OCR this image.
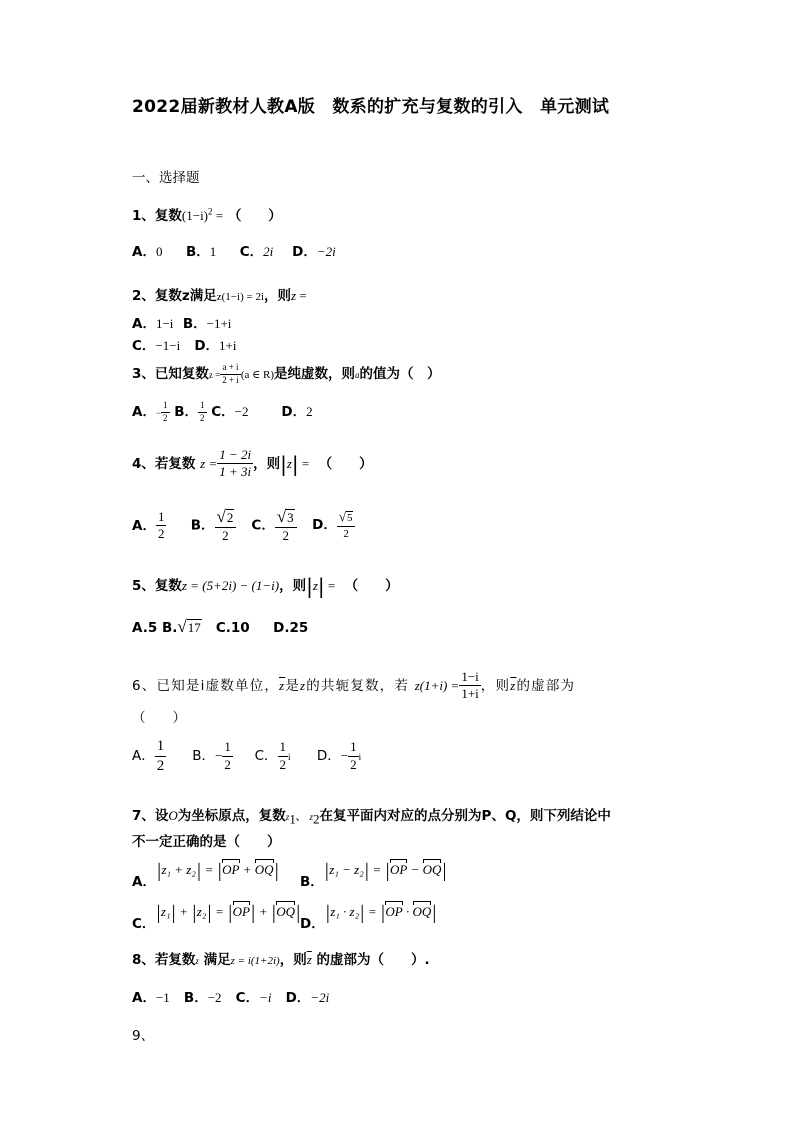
2022届新教材人教A版　数系的扩充与复数的引入　单元测试
一、选择题
1、复数$(1-i)^2$ = （　　）
A．0 B．1 C．2i D．−2i
2、复数z满足z(1−i) = 2i，则z =
A．1−i B．−1+i
C．−1−i D．1+i
3、已知复数$z = \frac{a + i}{2 + i} (a$ ∈ R)是纯虚数，则a的值为（　）
A．− $\frac{1}{2}$ B． $\frac{1}{2}$ C．−2 D．2
4、若复数 $z = \frac{1 - 2i}{1 + 3i}$ ，则|z| = （　　）
A． $\frac{1}{2}$ B． $\frac{√ 2}{2}$ C． $\frac{√ 3}{2}$ D． $\frac{√ 5}{2}$
5、复数z = (5+2i) − (1−i)，则|z| = （　　）
A.5 B. √ 17 C.10 D.25
6、已知是i虚数单位，$\overline{z}$是z的共轭复数，若 $z(1+i) = \frac{1-i}{1+i}$ ，则$\overline{z}$的虚部为
（　　）
A． $\frac{1}{2}$ B．− $\frac{1}{2}$ C． $\frac{1}{2}$ i D．− $\frac{1}{2}$ i
7、设O为坐标原点，复数$z_1$、 $z_2$在复平面内对应的点分别为P、Q，则下列结论中
不一定正确的是（　　）
A．|z₁ + z₂| = |OP + OQ|
B．|z₁ − z₂| = |OP − OQ|
C．|z₁| + |z₂| = |OP| + |OQ|
D．|z₁ · z₂| = |OP · OQ|
8、若复数z 满足z = i(1+2i)，则$\overline{z}$ 的虚部为（　　）.
A．−1 B．−2 C．−i D．−2i
9、
